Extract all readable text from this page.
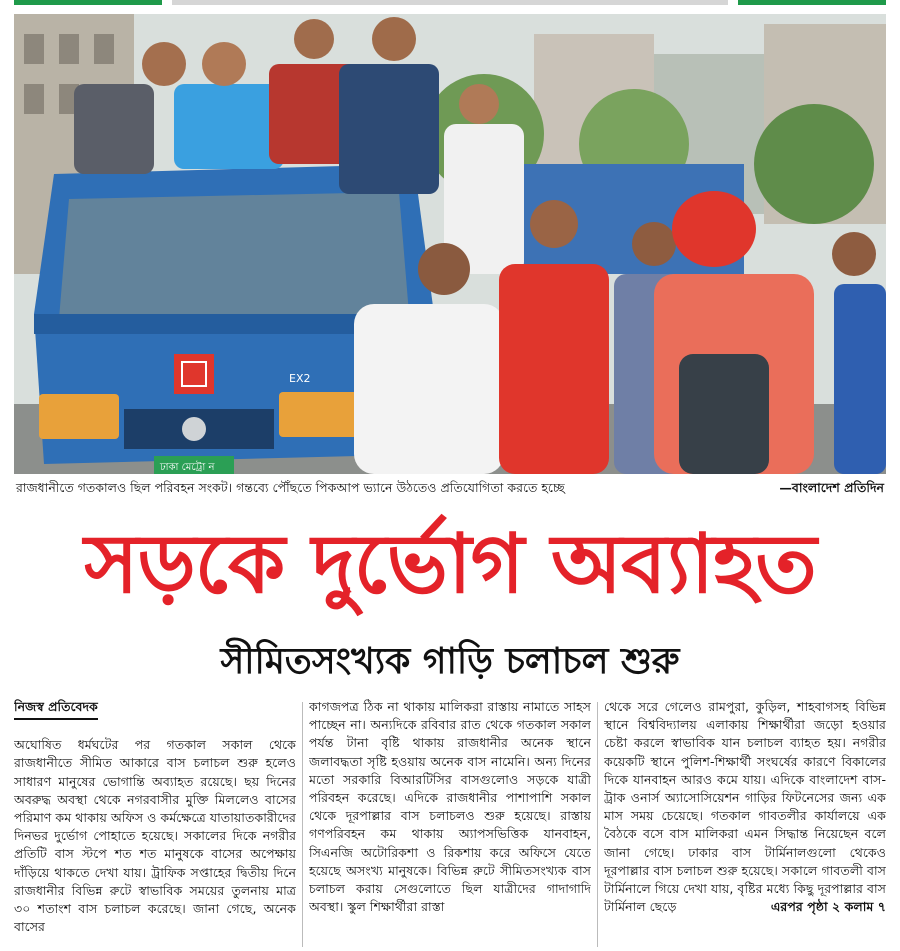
EX2
ঢাকা মেট্রো ন
রাজধানীতে গতকালও ছিল পরিবহন সংকট। গন্তব্যে পৌঁছতে পিকআপ ভ্যানে উঠতেও প্রতিযোগিতা করতে হচ্ছে	—বাংলাদেশ প্রতিদিন
সড়কে দুর্ভোগ অব্যাহত
সীমিতসংখ্যক গাড়ি চলাচল শুরু
নিজস্ব প্রতিবেদক

অঘোষিত ধর্মঘটের পর গতকাল সকাল থেকে রাজধানীতে সীমিত আকারে বাস চলাচল শুরু হলেও সাধারণ মানুষের ভোগান্তি অব্যাহত রয়েছে। ছয় দিনের অবরুদ্ধ অবস্থা থেকে নগরবাসীর মুক্তি মিললেও বাসের পরিমাণ কম থাকায় অফিস ও কর্মক্ষেত্রে যাতায়াতকারীদের দিনভর দুর্ভোগ পোহাতে হয়েছে। সকালের দিকে নগরীর প্রতিটি বাস স্টপে শত শত মানুষকে বাসের অপেক্ষায় দাঁড়িয়ে থাকতে দেখা যায়। ট্রাফিক সপ্তাহের দ্বিতীয় দিনে রাজধানীর বিভিন্ন রুটে স্বাভাবিক সময়ের তুলনায় মাত্র ৩০ শতাংশ বাস চলাচল করেছে। জানা গেছে, অনেক বাসের

কাগজপত্র ঠিক না থাকায় মালিকরা রাস্তায় নামাতে সাহস পাচ্ছেন না। অন্যদিকে রবিবার রাত থেকে গতকাল সকাল পর্যন্ত টানা বৃষ্টি থাকায় রাজধানীর অনেক স্থানে জলাবদ্ধতা সৃষ্টি হওয়ায় অনেক বাস নামেনি। অন্য দিনের মতো সরকারি বিআরটিসির বাসগুলোও সড়কে যাত্রী পরিবহন করেছে। এদিকে রাজধানীর পাশাপাশি সকাল থেকে দূরপাল্লার বাস চলাচলও শুরু হয়েছে। রাস্তায় গণপরিবহন কম থাকায় অ্যাপসভিত্তিক যানবাহন, সিএনজি অটোরিকশা ও রিকশায় করে অফিসে যেতে হয়েছে অসংখ্য মানুষকে। বিভিন্ন রুটে সীমিতসংখ্যক বাস চলাচল করায় সেগুলোতে ছিল যাত্রীদের গাদাগাদি অবস্থা। স্কুল শিক্ষার্থীরা রাস্তা

থেকে সরে গেলেও রামপুরা, কুড়িল, শাহবাগসহ বিভিন্ন স্থানে বিশ্ববিদ্যালয় এলাকায় শিক্ষার্থীরা জড়ো হওয়ার চেষ্টা করলে স্বাভাবিক যান চলাচল ব্যাহত হয়। নগরীর কয়েকটি স্থানে পুলিশ-শিক্ষার্থী সংঘর্ষের কারণে বিকালের দিকে যানবাহন আরও কমে যায়। এদিকে বাংলাদেশ বাস-ট্রাক ওনার্স অ্যাসোসিয়েশন গাড়ির ফিটনেসের জন্য এক মাস সময় চেয়েছে। গতকাল গাবতলীর কার্যালয়ে এক বৈঠকে বসে বাস মালিকরা এমন সিদ্ধান্ত নিয়েছেন বলে জানা গেছে। ঢাকার বাস টার্মিনালগুলো থেকেও দূরপাল্লার বাস চলাচল শুরু হয়েছে। সকালে গাবতলী বাস টার্মিনালে গিয়ে দেখা যায়, বৃষ্টির মধ্যে কিছু দূরপাল্লার বাস টার্মিনাল ছেড়ে	এরপর পৃষ্ঠা ২ কলাম ৭
